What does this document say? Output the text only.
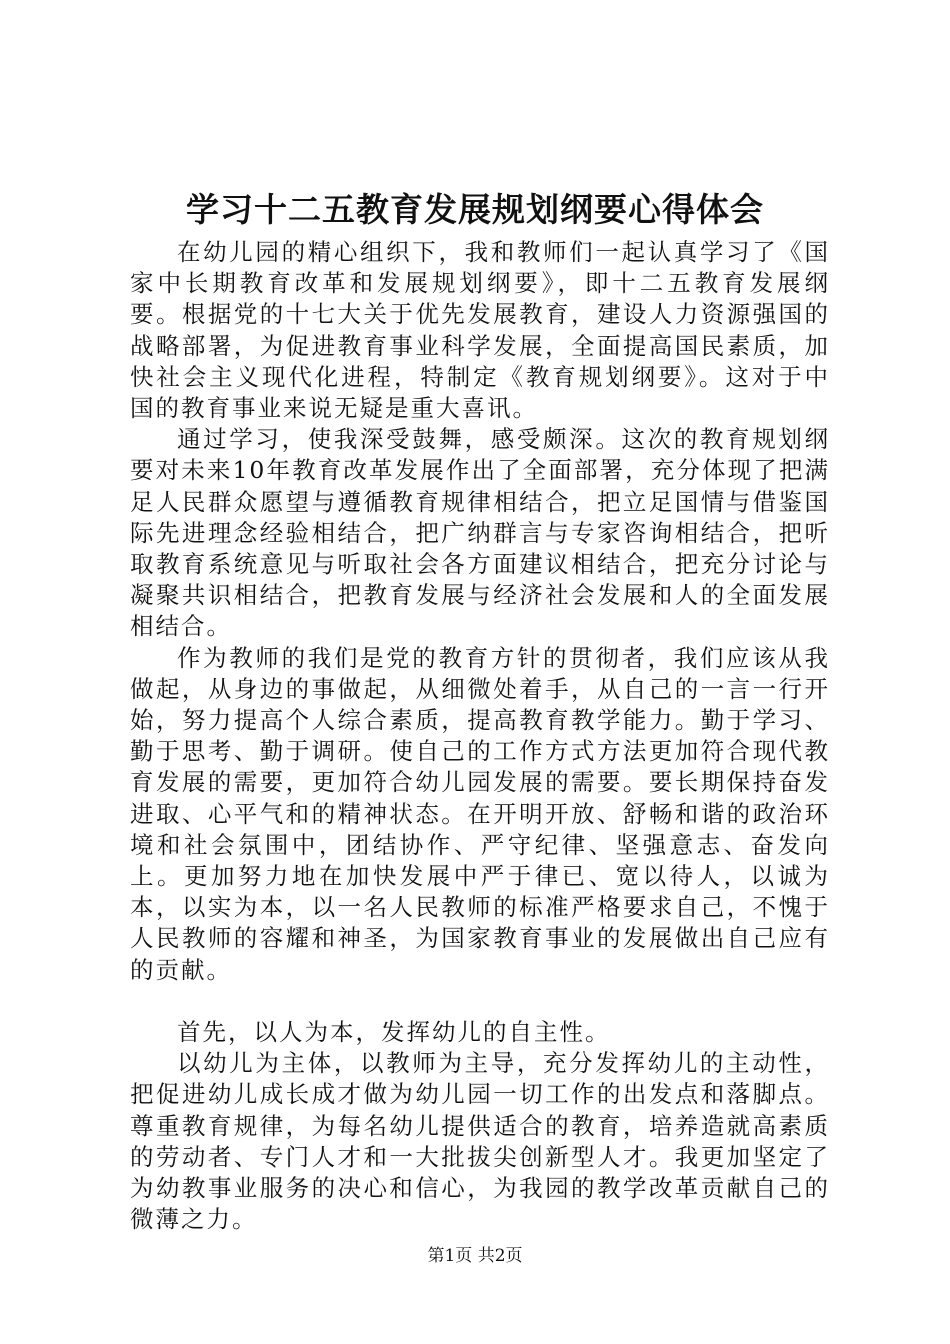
学习十二五教育发展规划纲要心得体会

在幼儿园的精心组织下，我和教师们一起认真学习了《国家中长期教育改革和发展规划纲要》，即十二五教育发展纲要。根据党的十七大关于优先发展教育，建设人力资源强国的战略部署，为促进教育事业科学发展，全面提高国民素质，加快社会主义现代化进程，特制定《教育规划纲要》。这对于中国的教育事业来说无疑是重大喜讯。

通过学习，使我深受鼓舞，感受颇深。这次的教育规划纲要对未来10年教育改革发展作出了全面部署，充分体现了把满足人民群众愿望与遵循教育规律相结合，把立足国情与借鉴国际先进理念经验相结合，把广纳群言与专家咨询相结合，把听取教育系统意见与听取社会各方面建议相结合，把充分讨论与凝聚共识相结合，把教育发展与经济社会发展和人的全面发展相结合。

作为教师的我们是党的教育方针的贯彻者，我们应该从我做起，从身边的事做起，从细微处着手，从自己的一言一行开始，努力提高个人综合素质，提高教育教学能力。勤于学习、勤于思考、勤于调研。使自己的工作方式方法更加符合现代教育发展的需要，更加符合幼儿园发展的需要。要长期保持奋发进取、心平气和的精神状态。在开明开放、舒畅和谐的政治环境和社会氛围中，团结协作、严守纪律、坚强意志、奋发向上。更加努力地在加快发展中严于律已、宽以待人，以诚为本，以实为本，以一名人民教师的标准严格要求自己，不愧于人民教师的容耀和神圣，为国家教育事业的发展做出自己应有的贡献。

首先，以人为本，发挥幼儿的自主性。

以幼儿为主体，以教师为主导，充分发挥幼儿的主动性，把促进幼儿成长成才做为幼儿园一切工作的出发点和落脚点。尊重教育规律，为每名幼儿提供适合的教育，培养造就高素质的劳动者、专门人才和一大批拔尖创新型人才。我更加坚定了为幼教事业服务的决心和信心，为我园的教学改革贡献自己的微薄之力。

第1页 共2页
